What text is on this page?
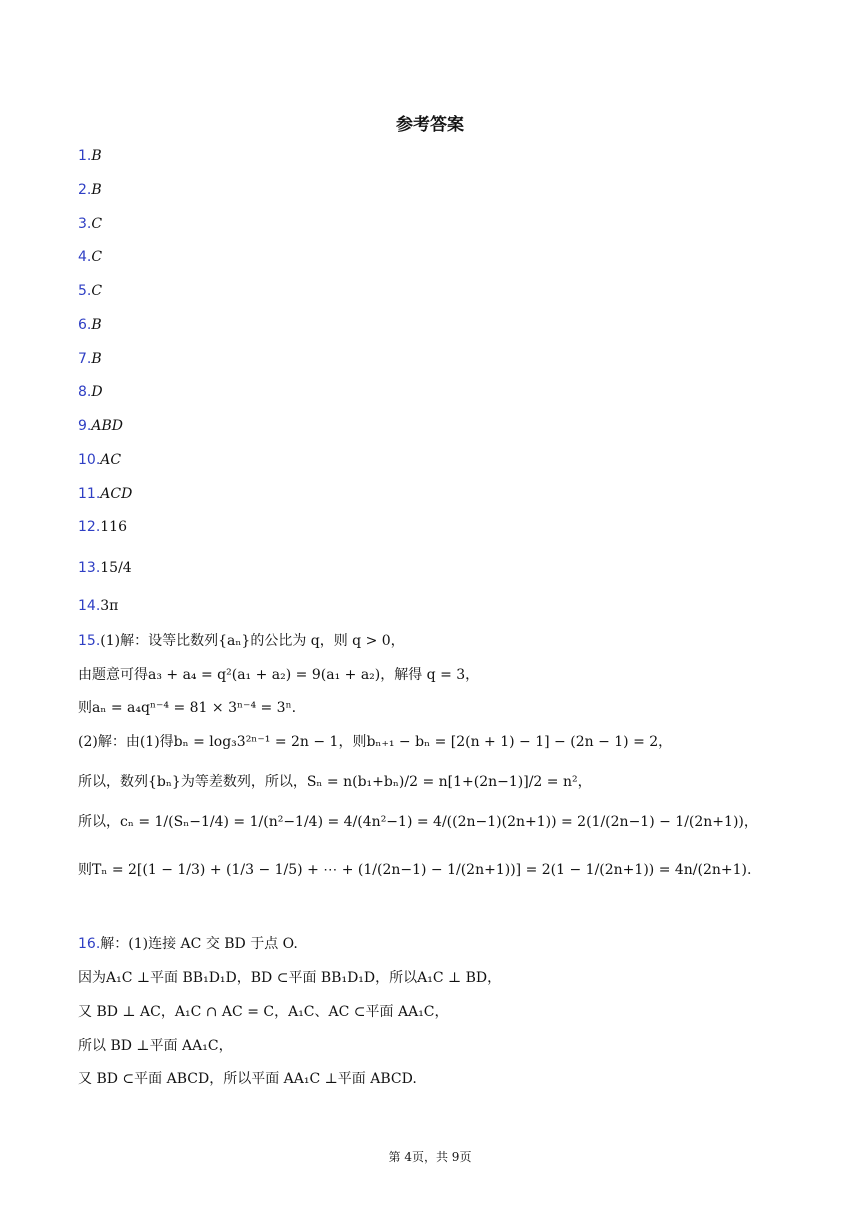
参考答案
1.B
2.B
3.C
4.C
5.C
6.B
7.B
8.D
9.ABD
10.AC
11.ACD
12.116
13.15/4
14.3π
15.(1)解：设等比数列{aₙ}的公比为 q，则 q > 0，
由题意可得a₃ + a₄ = q²(a₁ + a₂) = 9(a₁ + a₂)，解得 q = 3，
则aₙ = a₄qⁿ⁻⁴ = 81 × 3ⁿ⁻⁴ = 3ⁿ.
(2)解：由(1)得bₙ = log₃3²ⁿ⁻¹ = 2n − 1，则bₙ₊₁ − bₙ = [2(n + 1) − 1] − (2n − 1) = 2，
所以，数列{bₙ}为等差数列，所以，Sₙ = n(b₁+bₙ)/2 = n[1+(2n−1)]/2 = n²，
所以，cₙ = 1/(Sₙ−1/4) = 1/(n²−1/4) = 4/(4n²−1) = 4/((2n−1)(2n+1)) = 2(1/(2n−1) − 1/(2n+1))，
则Tₙ = 2[(1 − 1/3) + (1/3 − 1/5) + ⋯ + (1/(2n−1) − 1/(2n+1))] = 2(1 − 1/(2n+1)) = 4n/(2n+1).
16.解：(1)连接 AC 交 BD 于点 O.
因为A₁C ⊥平面 BB₁D₁D，BD ⊂平面 BB₁D₁D，所以A₁C ⊥ BD，
又 BD ⊥ AC，A₁C ∩ AC = C，A₁C、AC ⊂平面 AA₁C，
所以 BD ⊥平面 AA₁C，
又 BD ⊂平面 ABCD，所以平面 AA₁C ⊥平面 ABCD.
第 4页，共 9页
